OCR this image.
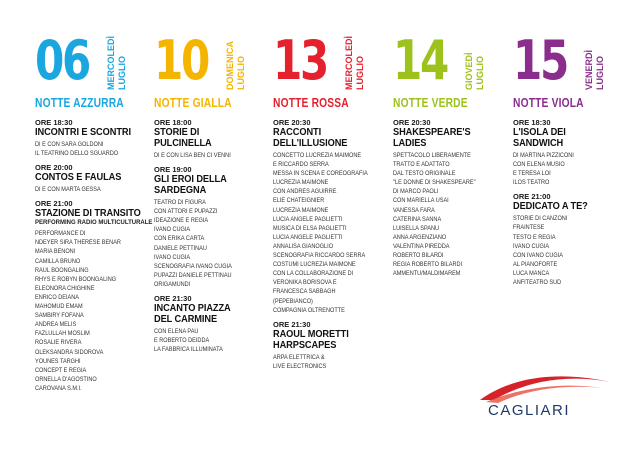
06 MERCOLEDÌ LUGLIO
NOTTE AZZURRA
ORE 18:30
INCONTRI E SCONTRI
DI E CON SARA GOLDONI
IL TEATRINO DELLO SGUARDO
ORE 20:00
CONTOS E FAULAS
DI E CON MARTA GESSA
ORE 21:00
STAZIONE DI TRANSITO
PERFORMING RADIO MULTICULTURALE
PERFORMANCE DI
NDEYER SIRA THÉRÈSE BENAR
MARIA BENONI
CAMILLA BRUNO
RAUL BOONGALING
RHYS E ROBYN BOONGALING
ELEONORA CHIGHINE
ENRICO DEIANA
MAHOMUD EMAM
SAMBIRY FOFANA
ANDREA MELIS
FAZLULLAH MOSLIM
ROSALIE RIVERA
OLEKSANDRA SIDOROVA
YOUNES TARGHI
CONCEPT E REGIA
ORNELLA D'AGOSTINO
CAROVANA S.M.I.
10 DOMENICA LUGLIO
NOTTE GIALLA
ORE 18:00
STORIE DI
PULCINELLA
DI E CON LISA BEN CI VENNI
ORE 19:00
GLI EROI DELLA
SARDEGNA
TEATRO DI FIGURA
CON ATTORI E PUPAZZI
IDEAZIONE E REGIA
IVANO CUGIA
CON ERIKA CARTA
DANIELE PETTINAU
IVANO CUGIA
SCENOGRAFIA IVANO CUGIA
PUPAZZI DANIELE PETTINAU
ORIGAMUNDI
ORE 21:30
INCANTO PIAZZA
DEL CARMINE
CON ELENA PAU
E ROBERTO DEIDDA
LA FABBRICA ILLUMINATA
13 MERCOLEDÌ LUGLIO
NOTTE ROSSA
ORE 20:30
RACCONTI
DELL'ILLUSIONE
CONCETTO LUCREZIA MAIMONE
E RICCARDO SERRA
MESSA IN SCENA E COREOGRAFIA
LUCREZIA MAIMONE
CON ANDRÈS AGUIRRE
ELIE CHATEIGNIER
LUCREZIA MAIMONE
LUCIA ANGELE PAGLIETTI
MUSICA DI ELSA PAGLIETTI
LUCIA ANGELE PAGLIETTI
ANNALISA GIANOGLIO
SCENOGRAFIA RICCARDO SERRA
COSTUMI LUCREZIA MAIMONE
CON LA COLLABORAZIONE DI
VERONIKA BORISOVA E
FRANCESCA SABBAGH
(PEPEBIANCO)
COMPAGNIA OLTRENOTTE
ORE 21:30
RAOUL MORETTI
HARPSCAPES
ARPA ELETTRICA &
LIVE ELECTRONICS
14 GIOVEDÌ LUGLIO
NOTTE VERDE
ORE 20:30
SHAKESPEARE'S
LADIES
SPETTACOLO LIBERAMENTE
TRATTO E ADATTATO
DAL TESTO ORIGINALE
"LE DONNE DI SHAKESPEARE"
DI MARCO PAOLI
CON MARIELLA USAI
VANESSA FARA
CATERINA SANNA
LUISELLA SPANU
ANNA ARGENZIANO
VALENTINA PIREDDA
ROBERTO BILARDI
REGIA ROBERTO BILARDI
AMMENTU/MALDIMAREM
15 VENERDÌ LUGLIO
NOTTE VIOLA
ORE 18:30
L'ISOLA DEI
SANDWICH
DI MARTINA PIZZICONI
CON ELENA MUSIO
E TERESA LOI
ILOS TEATRO
ORE 21:00
DEDICATO A TE?
STORIE DI CANZONI
FRAINTESE
TESTO E REGIA
IVANO CUGIA
CON IVANO CUGIA
AL PIANOFORTE
LUCA MANCA
ANFITEATRO SUD
CAGLIARI
